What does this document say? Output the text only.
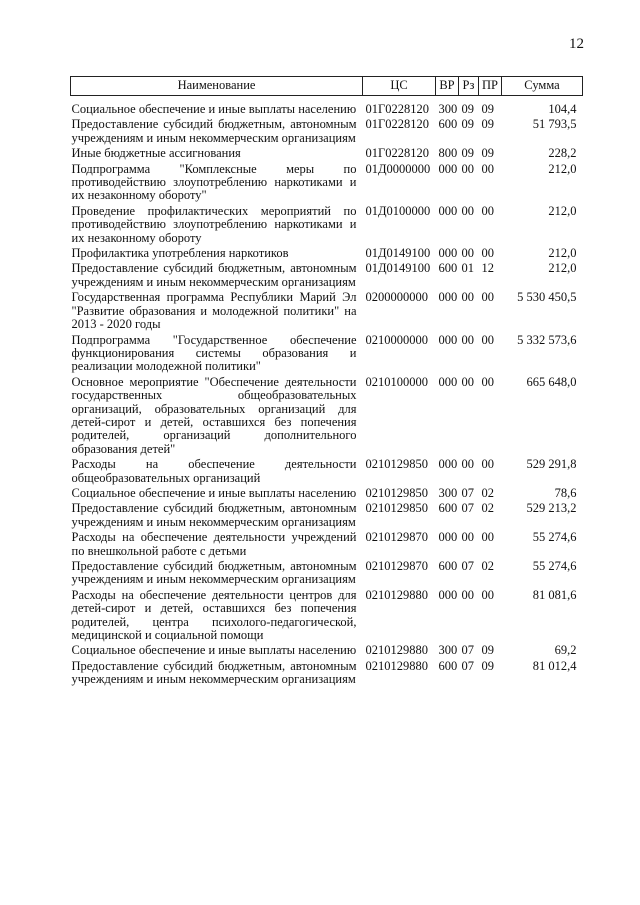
12
Наименование	ЦС	ВР	Рз	ПР	Сумма
Социальное обеспечение и иные выплаты населению	01Г0228120	300	09	09	104,4
Предоставление субсидий бюджетным, автономным учреждениям и иным некоммерческим организациям	01Г0228120	600	09	09	51 793,5
Иные бюджетные ассигнования	01Г0228120	800	09	09	228,2
Подпрограмма "Комплексные меры по противодействию злоупотреблению наркотиками и их незаконному обороту"	01Д0000000	000	00	00	212,0
Проведение профилактических мероприятий по противодействию злоупотреблению наркотиками и их незаконному обороту	01Д0100000	000	00	00	212,0
Профилактика употребления наркотиков	01Д0149100	000	00	00	212,0
Предоставление субсидий бюджетным, автономным учреждениям и иным некоммерческим организациям	01Д0149100	600	01	12	212,0
Государственная программа Республики Марий Эл "Развитие образования и молодежной политики" на 2013 - 2020 годы	0200000000	000	00	00	5 530 450,5
Подпрограмма "Государственное обеспечение функционирования системы образования и реализации молодежной политики"	0210000000	000	00	00	5 332 573,6
Основное мероприятие "Обеспечение деятельности государственных общеобразовательных организаций, образовательных организаций для детей-сирот и детей, оставшихся без попечения родителей, организаций дополнительного образования детей"	0210100000	000	00	00	665 648,0
Расходы на обеспечение деятельности общеобразовательных организаций	0210129850	000	00	00	529 291,8
Социальное обеспечение и иные выплаты населению	0210129850	300	07	02	78,6
Предоставление субсидий бюджетным, автономным учреждениям и иным некоммерческим организациям	0210129850	600	07	02	529 213,2
Расходы на обеспечение деятельности учреждений по внешкольной работе с детьми	0210129870	000	00	00	55 274,6
Предоставление субсидий бюджетным, автономным учреждениям и иным некоммерческим организациям	0210129870	600	07	02	55 274,6
Расходы на обеспечение деятельности центров для детей-сирот и детей, оставшихся без попечения родителей, центра психолого-педагогической, медицинской и социальной помощи	0210129880	000	00	00	81 081,6
Социальное обеспечение и иные выплаты населению	0210129880	300	07	09	69,2
Предоставление субсидий бюджетным, автономным учреждениям и иным некоммерческим организациям	0210129880	600	07	09	81 012,4
